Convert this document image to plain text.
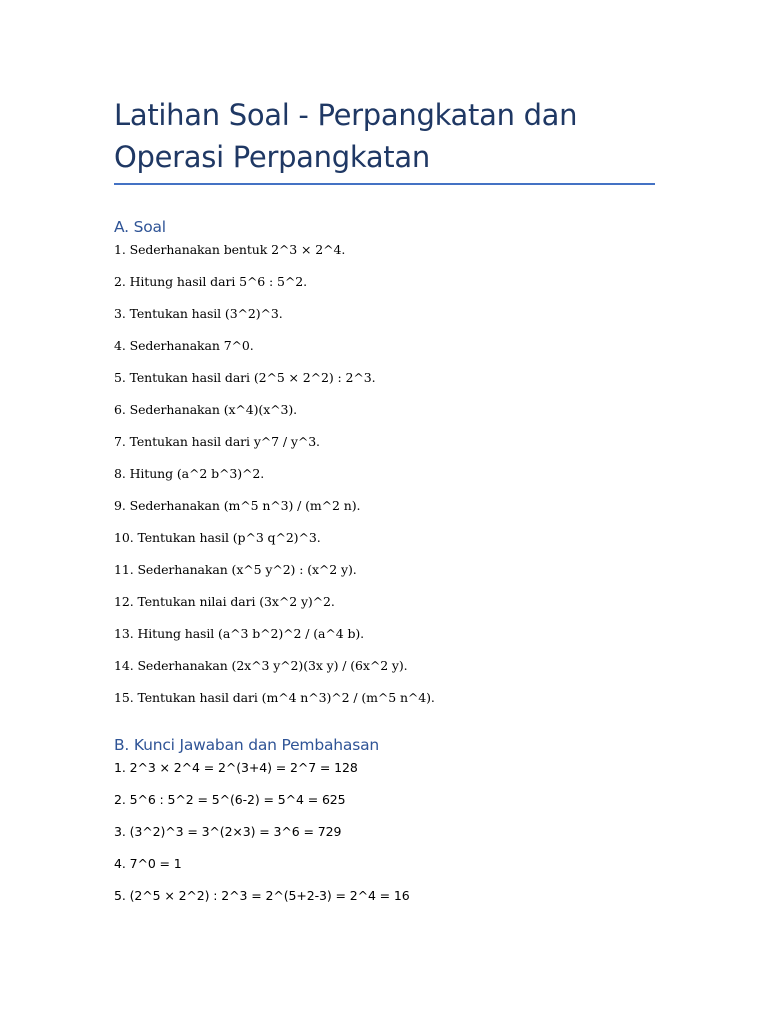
Latihan Soal - Perpangkatan dan
Operasi Perpangkatan
A. Soal
1. Sederhanakan bentuk 2^3 × 2^4.
2. Hitung hasil dari 5^6 : 5^2.
3. Tentukan hasil (3^2)^3.
4. Sederhanakan 7^0.
5. Tentukan hasil dari (2^5 × 2^2) : 2^3.
6. Sederhanakan (x^4)(x^3).
7. Tentukan hasil dari y^7 / y^3.
8. Hitung (a^2 b^3)^2.
9. Sederhanakan (m^5 n^3) / (m^2 n).
10. Tentukan hasil (p^3 q^2)^3.
11. Sederhanakan (x^5 y^2) : (x^2 y).
12. Tentukan nilai dari (3x^2 y)^2.
13. Hitung hasil (a^3 b^2)^2 / (a^4 b).
14. Sederhanakan (2x^3 y^2)(3x y) / (6x^2 y).
15. Tentukan hasil dari (m^4 n^3)^2 / (m^5 n^4).
B. Kunci Jawaban dan Pembahasan
1. 2^3 × 2^4 = 2^(3+4) = 2^7 = 128
2. 5^6 : 5^2 = 5^(6-2) = 5^4 = 625
3. (3^2)^3 = 3^(2×3) = 3^6 = 729
4. 7^0 = 1
5. (2^5 × 2^2) : 2^3 = 2^(5+2-3) = 2^4 = 16
